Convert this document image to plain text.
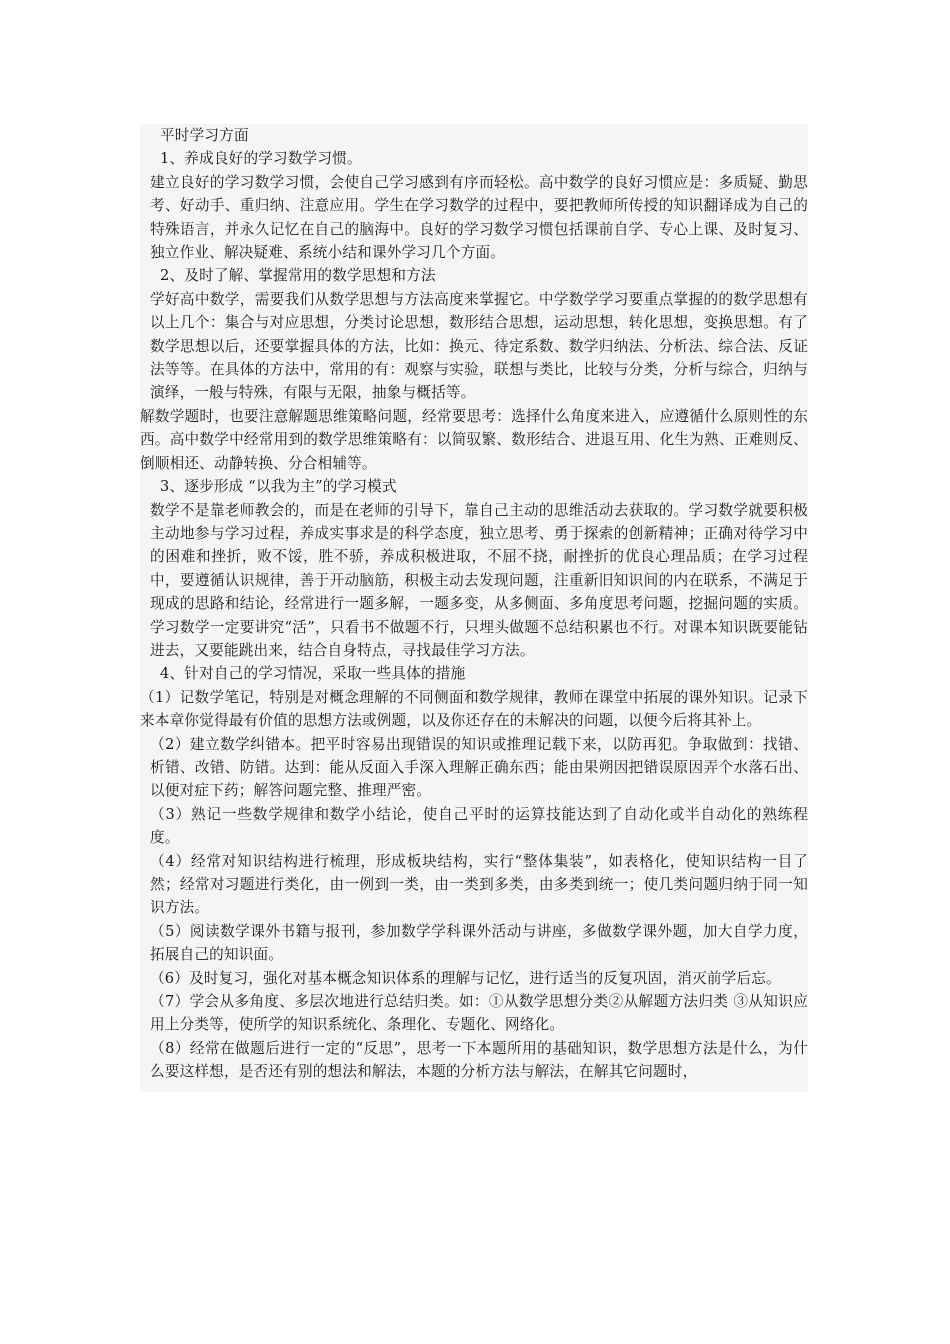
平时学习方面

1、养成良好的学习数学习惯。

建立良好的学习数学习惯，会使自己学习感到有序而轻松。高中数学的良好习惯应是：多质疑、勤思考、好动手、重归纳、注意应用。学生在学习数学的过程中，要把教师所传授的知识翻译成为自己的特殊语言，并永久记忆在自己的脑海中。良好的学习数学习惯包括课前自学、专心上课、及时复习、独立作业、解决疑难、系统小结和课外学习几个方面。

2、及时了解、掌握常用的数学思想和方法

学好高中数学，需要我们从数学思想与方法高度来掌握它。中学数学学习要重点掌握的的数学思想有以上几个：集合与对应思想，分类讨论思想，数形结合思想，运动思想，转化思想，变换思想。有了数学思想以后，还要掌握具体的方法，比如：换元、待定系数、数学归纳法、分析法、综合法、反证法等等。在具体的方法中，常用的有：观察与实验，联想与类比，比较与分类，分析与综合，归纳与演绎，一般与特殊，有限与无限，抽象与概括等。

解数学题时，也要注意解题思维策略问题，经常要思考：选择什么角度来进入，应遵循什么原则性的东西。高中数学中经常用到的数学思维策略有：以简驭繁、数形结合、进退互用、化生为熟、正难则反、倒顺相还、动静转换、分合相辅等。

3、逐步形成 “以我为主”的学习模式

数学不是靠老师教会的，而是在老师的引导下，靠自己主动的思维活动去获取的。学习数学就要积极主动地参与学习过程，养成实事求是的科学态度，独立思考、勇于探索的创新精神；正确对待学习中的困难和挫折，败不馁，胜不骄，养成积极进取，不屈不挠，耐挫折的优良心理品质；在学习过程中，要遵循认识规律，善于开动脑筋，积极主动去发现问题，注重新旧知识间的内在联系，不满足于现成的思路和结论，经常进行一题多解，一题多变，从多侧面、多角度思考问题，挖掘问题的实质。学习数学一定要讲究“活”，只看书不做题不行，只埋头做题不总结积累也不行。对课本知识既要能钻进去，又要能跳出来，结合自身特点，寻找最佳学习方法。

4、针对自己的学习情况，采取一些具体的措施

（1）记数学笔记，特别是对概念理解的不同侧面和数学规律，教师在课堂中拓展的课外知识。记录下来本章你觉得最有价值的思想方法或例题，以及你还存在的未解决的问题，以便今后将其补上。

（2）建立数学纠错本。把平时容易出现错误的知识或推理记载下来，以防再犯。争取做到：找错、析错、改错、防错。达到：能从反面入手深入理解正确东西；能由果朔因把错误原因弄个水落石出、以便对症下药；解答问题完整、推理严密。

（3）熟记一些数学规律和数学小结论，使自己平时的运算技能达到了自动化或半自动化的熟练程度。

（4）经常对知识结构进行梳理，形成板块结构，实行“整体集装”，如表格化，使知识结构一目了然；经常对习题进行类化，由一例到一类，由一类到多类，由多类到统一；使几类问题归纳于同一知识方法。

（5）阅读数学课外书籍与报刊，参加数学学科课外活动与讲座，多做数学课外题，加大自学力度，拓展自己的知识面。

（6）及时复习，强化对基本概念知识体系的理解与记忆，进行适当的反复巩固，消灭前学后忘。

（7）学会从多角度、多层次地进行总结归类。如：①从数学思想分类②从解题方法归类 ③从知识应用上分类等，使所学的知识系统化、条理化、专题化、网络化。

（8）经常在做题后进行一定的“反思”，思考一下本题所用的基础知识，数学思想方法是什么，为什么要这样想，是否还有别的想法和解法，本题的分析方法与解法，在解其它问题时，
